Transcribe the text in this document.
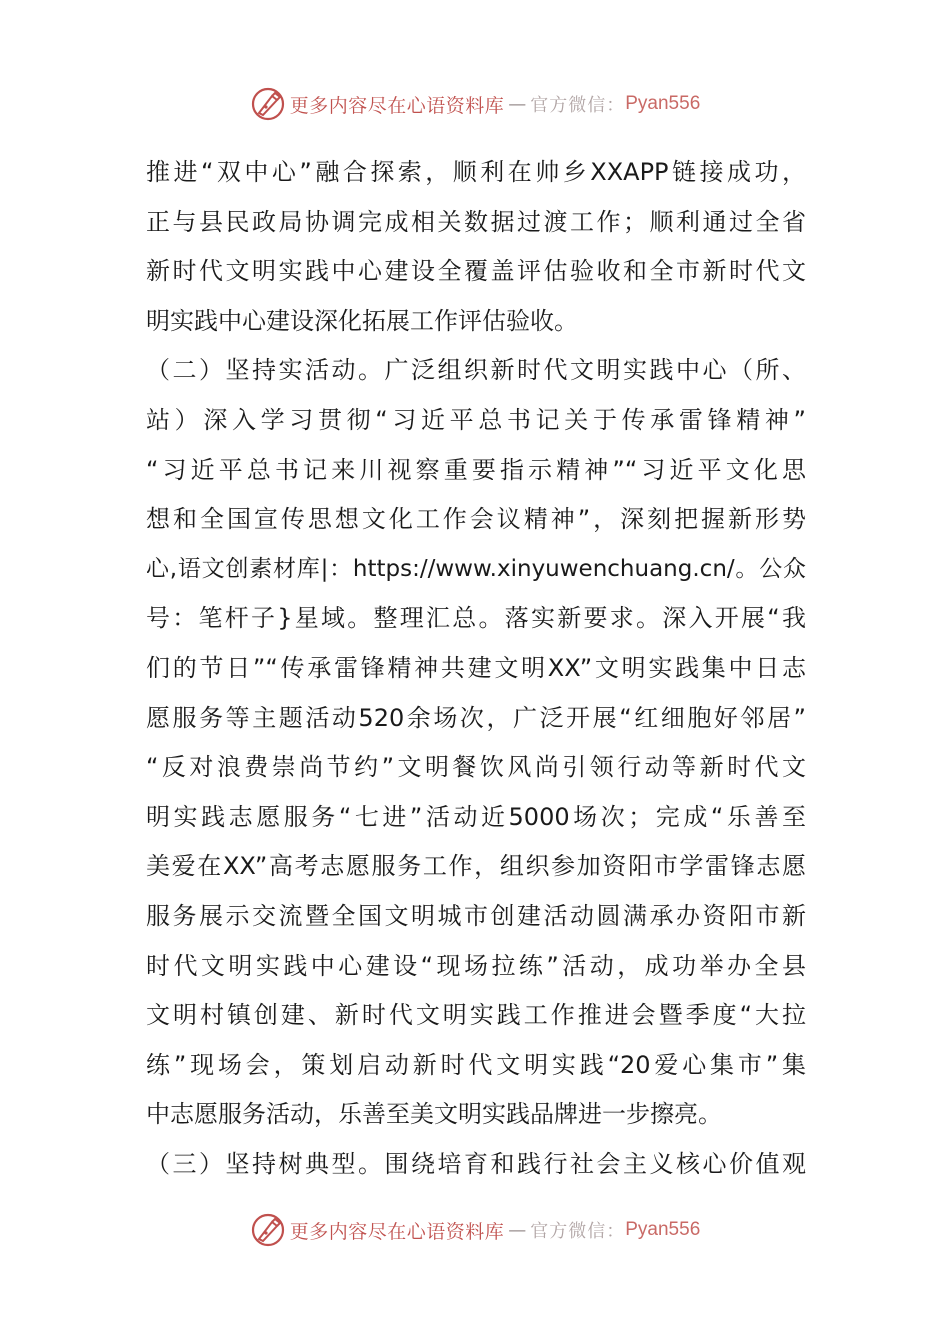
更多内容尽在心语资料库 — 官方微信： Pyan556
推进“双中心”融合探索，顺利在帅乡XXAPP链接成功，
正与县民政局协调完成相关数据过渡工作；顺利通过全省
新时代文明实践中心建设全覆盖评估验收和全市新时代文
明实践中心建设深化拓展工作评估验收。
（二）坚持实活动。广泛组织新时代文明实践中心（所、
站）深入学习贯彻“习近平总书记关于传承雷锋精神”
“习近平总书记来川视察重要指示精神”“习近平文化思
想和全国宣传思想文化工作会议精神”，深刻把握新形势
心,语文创素材库|：https://www.xinyuwenchuang.cn/。公众
号：笔杆子}星域。整理汇总。落实新要求。深入开展“我
们的节日”“传承雷锋精神共建文明XX”文明实践集中日志
愿服务等主题活动520余场次，广泛开展“红细胞好邻居”
“反对浪费崇尚节约”文明餐饮风尚引领行动等新时代文
明实践志愿服务“七进”活动近5000场次；完成“乐善至
美爱在XX”高考志愿服务工作，组织参加资阳市学雷锋志愿
服务展示交流暨全国文明城市创建活动圆满承办资阳市新
时代文明实践中心建设“现场拉练”活动，成功举办全县
文明村镇创建、新时代文明实践工作推进会暨季度“大拉
练”现场会，策划启动新时代文明实践“20爱心集市”集
中志愿服务活动，乐善至美文明实践品牌进一步擦亮。
（三）坚持树典型。围绕培育和践行社会主义核心价值观
更多内容尽在心语资料库 — 官方微信： Pyan556
